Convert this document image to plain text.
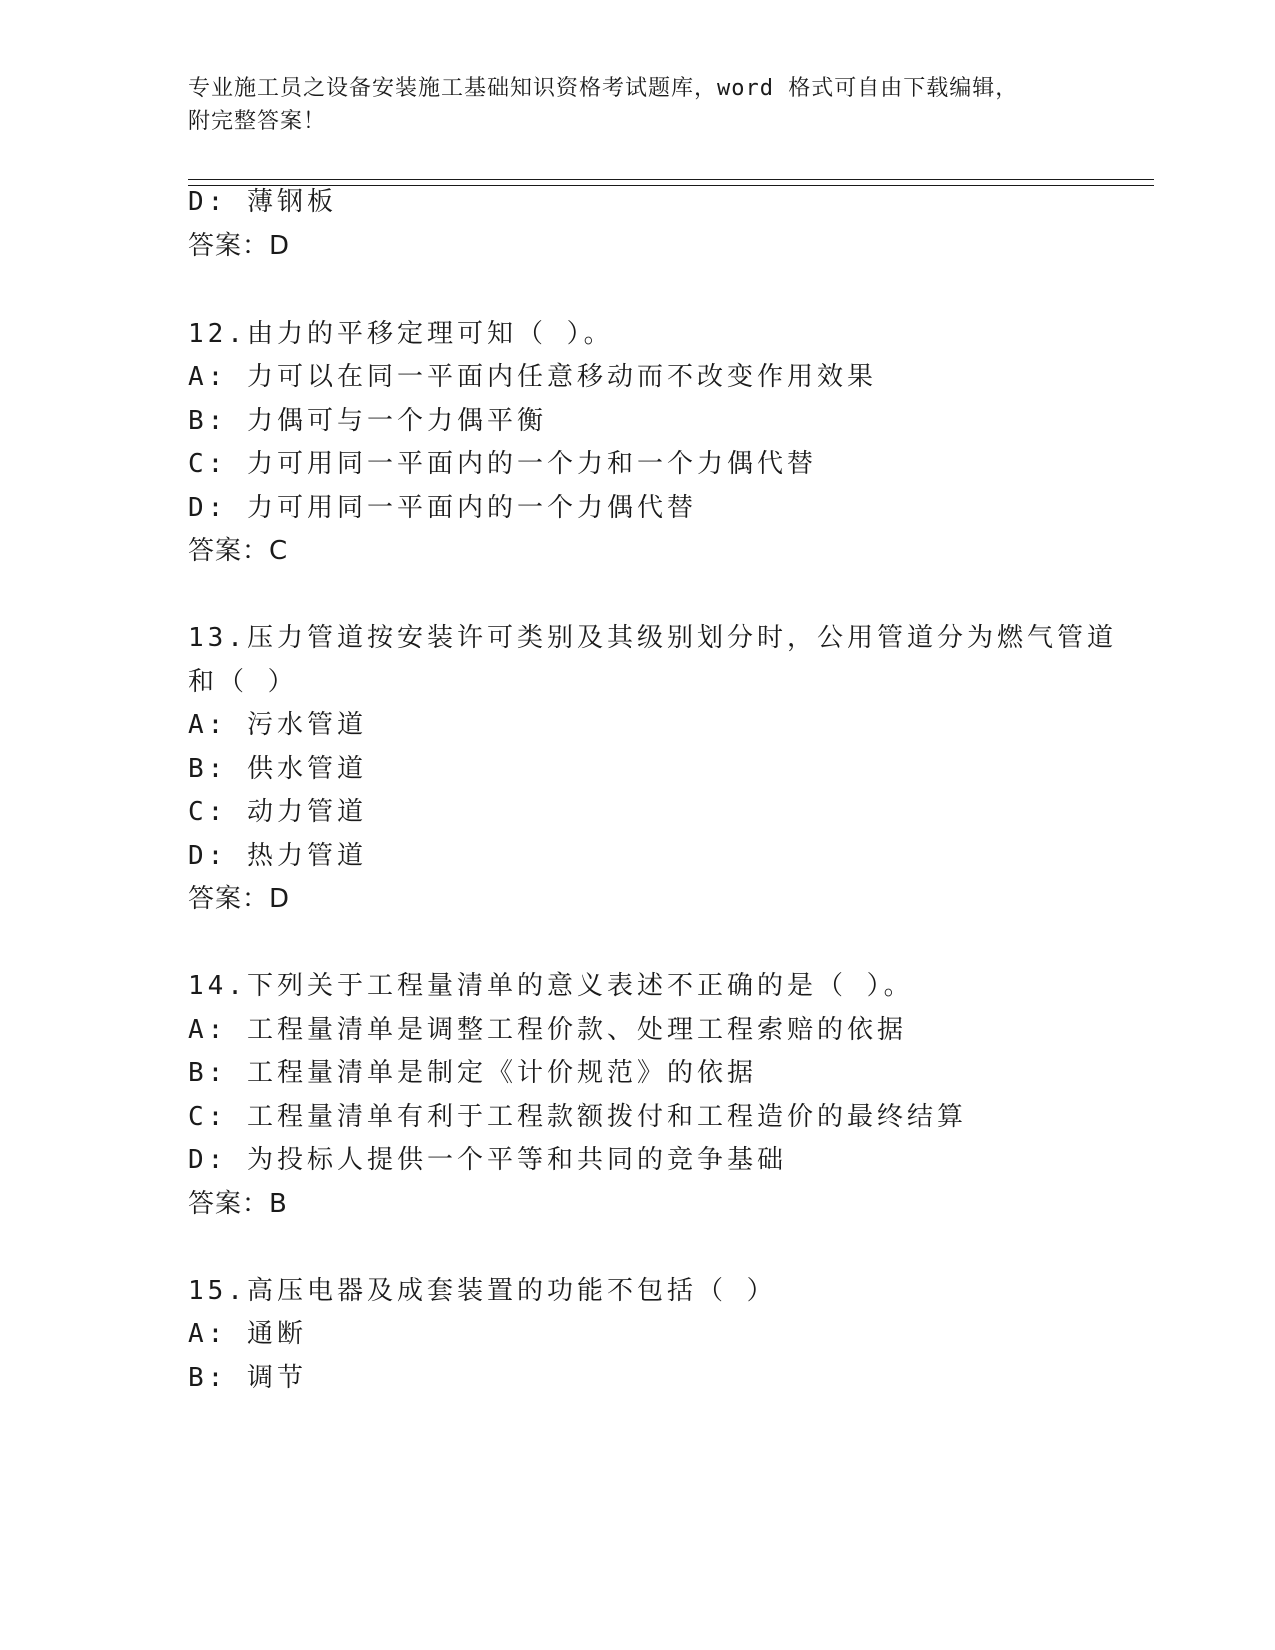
专业施工员之设备安装施工基础知识资格考试题库，word 格式可自由下载编辑，
附完整答案！
D: 薄钢板
答案：D
12.由力的平移定理可知（ ）。
A: 力可以在同一平面内任意移动而不改变作用效果
B: 力偶可与一个力偶平衡
C: 力可用同一平面内的一个力和一个力偶代替
D: 力可用同一平面内的一个力偶代替
答案：C
13.压力管道按安装许可类别及其级别划分时，公用管道分为燃气管道
和（ ）
A: 污水管道
B: 供水管道
C: 动力管道
D: 热力管道
答案：D
14.下列关于工程量清单的意义表述不正确的是（ ）。
A: 工程量清单是调整工程价款、处理工程索赔的依据
B: 工程量清单是制定《计价规范》的依据
C: 工程量清单有利于工程款额拨付和工程造价的最终结算
D: 为投标人提供一个平等和共同的竞争基础
答案：B
15.高压电器及成套装置的功能不包括（ ）
A: 通断
B: 调节
